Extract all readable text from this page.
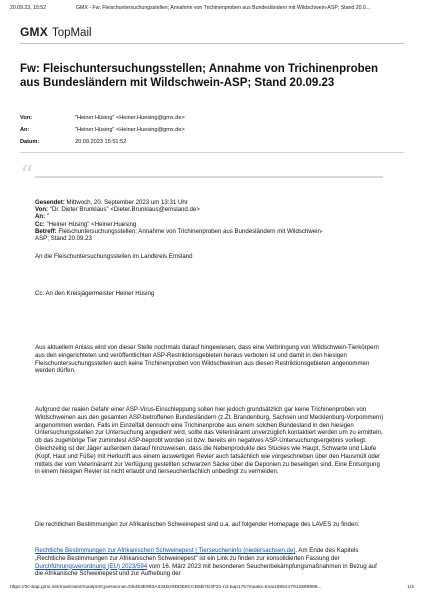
20.09.23, 15:52	GMX - Fw: Fleischuntersuchungsstellen; Annahme von Trichinenproben aus Bundesländern mit Wildschwein-ASP; Stand 20.0...
GMX TopMail
Fw: Fleischuntersuchungsstellen; Annahme von Trichinenproben aus Bundesländern mit Wildschwein-ASP; Stand 20.09.23
Von:	"Heiner Hüsing" <Heiner.Huesing@gmx.de>
An:	"Heiner Hüsing" <Heiner.Huesing@gmx.de>
Datum:	20.09.2023 15:51:52
“
Gesendet: Mittwoch, 20. September 2023 um 13:31 Uhr
Von: "Dr. Dieter Brunklaus" <Dieter.Brunklaus@emsland.de>
An: "
Cc: "Heiner Hüsing" <Heiner.Huesing
Betreff: Fleischuntersuchungsstellen; Annahme von Trichinenproben aus Bundesländern mit Wildschwein-
ASP; Stand 20.09.23

An die Fleischuntersuchungsstellen im Landkreis Emsland

Cc: An den Kreisjägermeister Heiner Hüsing

Aus aktuellem Anlass wird von dieser Stelle nochmals darauf hingewiesen, dass eine Verbringung von Wildschwein-Tierkörpern aus den eingerichteten und veröffentlichten ASP-Restriktionsgebieten heraus verboten ist und damit in den hiesigen Fleischuntersuchungsstellen auch keine Trichinenproben von Wildschweinen aus diesen Restriktionsgebieten angenommen werden dürfen.

Aufgrund der realen Gefahr einer ASP-Virus-Einschleppung sollen hier jedoch grundsätzlich gar keine Trichinenproben von Wildschweinen aus den gesamten ASP-betroffenen Bundesländern (z.Zt. Brandenburg, Sachsen und Mecklenburg-Vorpommern) angenommen werden. Falls im Einzelfall dennoch eine Trichinenprobe aus einem solchen Bundesland in den hiesigen Untersuchungsstellen zur Untersuchung angedient wird, sollte das Veterinäramt unverzüglich kontaktiert werden um zu ermitteln, ob das zugehörige Tier zumindest ASP-beprobt worden ist bzw. bereits ein negatives ASP-Untersuchungsergebnis vorliegt. Gleichzeitig ist der Jäger außerdem darauf hinzuweisen, dass die Nebenprodukte des Stückes wie Haupt, Schwarte und Läufe (Kopf, Haut und Füße) mit Herkunft aus einem auswertigen Revier auch tatsächlich wie vorgeschrieben über den Hausmüll oder mittels der vom Veterinäramt zur Verfügung gestellten schwarzen Säcke über die Deponien zu beseitigen sind. Eine Entsorgung in einem hiesigen Revier ist nicht erlaubt und tierseuchenfachlich unbedingt zu vermeiden.

Die rechtlichen Bestimmungen zur Afrikanischen Schweinepest sind u.a. auf folgender Homepage des LAVES zu finden:

Rechtliche Bestimmungen zur Afrikanischen Schweinepest | Tierseucheninfo (niedersachsen.de). Am Ende des Kapitels „Rechtliche Bestimmungen zur Afrikanischen Schweinepest" ist ein Link zu finden zur konsolidierten Fassung der Durchführungsverordnung (EU) 2023/594 vom 16. März 2023 mit besonderen Seuchenbekämpfungsmaßnahmen in Bezug auf die Afrikanische Schweinepest und zur Aufhebung der

https://3c-bap.gmx.net/mail/client/mail/print;jsessionid=D5453E993A334D29DDE8CCB5B7D4F31-n4.bap17b?mailId=tmai1695217912996999...	1/2
